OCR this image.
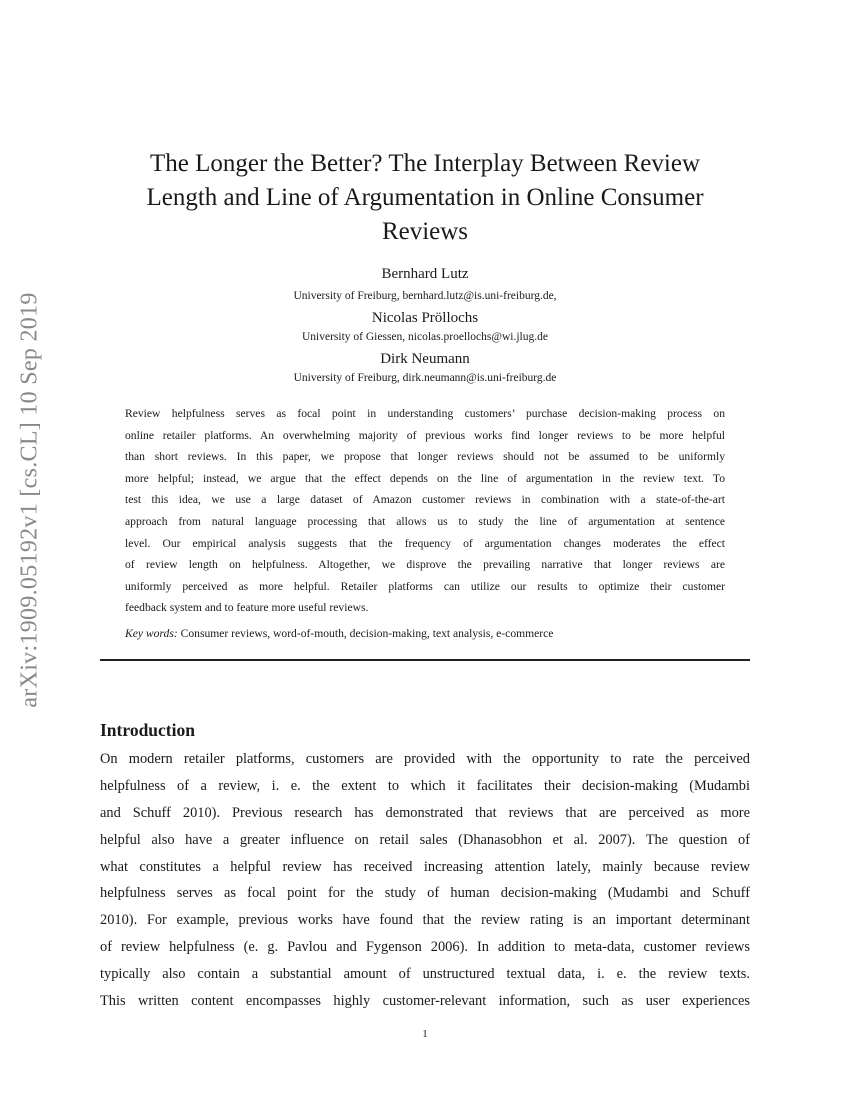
arXiv:1909.05192v1 [cs.CL] 10 Sep 2019
The Longer the Better? The Interplay Between Review
Length and Line of Argumentation in Online Consumer
Reviews
Bernhard Lutz
University of Freiburg, bernhard.lutz@is.uni-freiburg.de,
Nicolas Pröllochs
University of Giessen, nicolas.proellochs@wi.jlug.de
Dirk Neumann
University of Freiburg, dirk.neumann@is.uni-freiburg.de
Review helpfulness serves as focal point in understanding customers’ purchase decision-making process on
online retailer platforms. An overwhelming majority of previous works find longer reviews to be more helpful
than short reviews. In this paper, we propose that longer reviews should not be assumed to be uniformly
more helpful; instead, we argue that the effect depends on the line of argumentation in the review text. To
test this idea, we use a large dataset of Amazon customer reviews in combination with a state-of-the-art
approach from natural language processing that allows us to study the line of argumentation at sentence
level. Our empirical analysis suggests that the frequency of argumentation changes moderates the effect
of review length on helpfulness. Altogether, we disprove the prevailing narrative that longer reviews are
uniformly perceived as more helpful. Retailer platforms can utilize our results to optimize their customer
feedback system and to feature more useful reviews.
Key words: Consumer reviews, word-of-mouth, decision-making, text analysis, e-commerce
Introduction
On modern retailer platforms, customers are provided with the opportunity to rate the perceived
helpfulness of a review, i. e. the extent to which it facilitates their decision-making (Mudambi
and Schuff 2010). Previous research has demonstrated that reviews that are perceived as more
helpful also have a greater influence on retail sales (Dhanasobhon et al. 2007). The question of
what constitutes a helpful review has received increasing attention lately, mainly because review
helpfulness serves as focal point for the study of human decision-making (Mudambi and Schuff
2010). For example, previous works have found that the review rating is an important determinant
of review helpfulness (e. g. Pavlou and Fygenson 2006). In addition to meta-data, customer reviews
typically also contain a substantial amount of unstructured textual data, i. e. the review texts.
This written content encompasses highly customer-relevant information, such as user experiences
1
